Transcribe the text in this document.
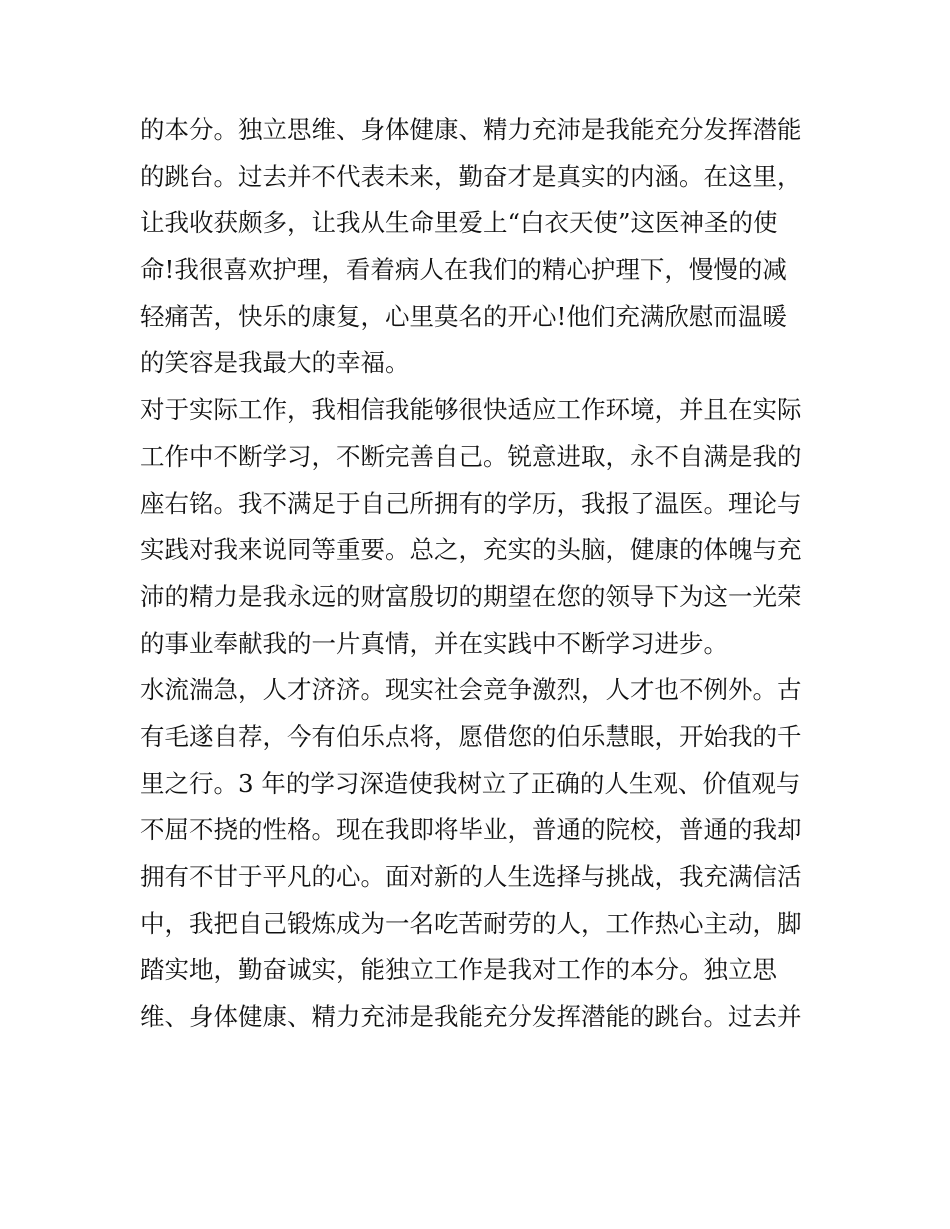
的本分。独立思维、身体健康、精力充沛是我能充分发挥潜能
的跳台。过去并不代表未来，勤奋才是真实的内涵。在这里，
让我收获颇多，让我从生命里爱上“白衣天使”这医神圣的使
命!我很喜欢护理，看着病人在我们的精心护理下，慢慢的减
轻痛苦，快乐的康复，心里莫名的开心!他们充满欣慰而温暖
的笑容是我最大的幸福。
对于实际工作，我相信我能够很快适应工作环境，并且在实际
工作中不断学习，不断完善自己。锐意进取，永不自满是我的
座右铭。我不满足于自己所拥有的学历，我报了温医。理论与
实践对我来说同等重要。总之，充实的头脑，健康的体魄与充
沛的精力是我永远的财富殷切的期望在您的领导下为这一光荣
的事业奉献我的一片真情，并在实践中不断学习进步。
水流湍急，人才济济。现实社会竞争激烈，人才也不例外。古
有毛遂自荐，今有伯乐点将，愿借您的伯乐慧眼，开始我的千
里之行。3 年的学习深造使我树立了正确的人生观、价值观与
不屈不挠的性格。现在我即将毕业，普通的院校，普通的我却
拥有不甘于平凡的心。面对新的人生选择与挑战，我充满信活
中，我把自己锻炼成为一名吃苦耐劳的人，工作热心主动，脚
踏实地，勤奋诚实，能独立工作是我对工作的本分。独立思
维、身体健康、精力充沛是我能充分发挥潜能的跳台。过去并
